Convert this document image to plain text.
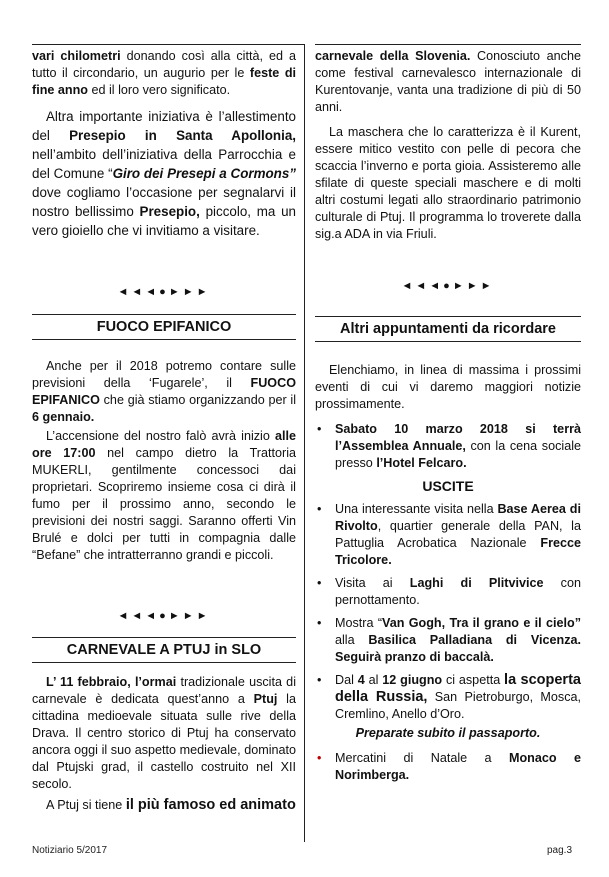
vari chilometri donando così alla città, ed a tutto il circondario, un augurio per le feste di fine anno ed il loro vero significato.

Altra importante iniziativa è l’allestimento del Presepio in Santa Apollonia, nell’ambito dell’iniziativa della Parrocchia e del Comune “Giro dei Presepi a Cormons” dove cogliamo l’occasione per segnalarvi il nostro bellissimo Presepio, piccolo, ma un vero gioiello che vi invitiamo a visitare.

◄◄◄●►►►
FUOCO EPIFANICO

Anche per il 2018 potremo contare sulle previsioni della ‘Fugarele’, il FUOCO EPIFANICO che già stiamo organizzando per il 6 gennaio.

L’accensione del nostro falò avrà inizio alle ore 17:00 nel campo dietro la Trattoria MUKERLI, gentilmente concessoci dai proprietari. Scopriremo insieme cosa ci dirà il fumo per il prossimo anno, secondo le previsioni dei nostri saggi. Saranno offerti Vin Brulé e dolci per tutti in compagnia dalle “Befane” che intratterranno grandi e piccoli.

◄◄◄●►►►
CARNEVALE A PTUJ in SLO

L’ 11 febbraio, l’ormai tradizionale uscita di carnevale è dedicata quest’anno a Ptuj la cittadina medioevale situata sulle rive della Drava. Il centro storico di Ptuj ha conservato ancora oggi il suo aspetto medievale, dominato dal Ptujski grad, il castello costruito nel XII secolo.

A Ptuj si tiene il più famoso ed animato

carnevale della Slovenia. Conosciuto anche come festival carnevalesco internazionale di Kurentovanje, vanta una tradizione di più di 50 anni.

La maschera che lo caratterizza è il Kurent, essere mitico vestito con pelle di pecora che scaccia l’inverno e porta gioia. Assisteremo alle sfilate di queste speciali maschere e di molti altri costumi legati allo straordinario patrimonio culturale di Ptuj. Il programma lo troverete dalla sig.a ADA in via Friuli.

◄◄◄●►►►
Altri appuntamenti da ricordare

Elenchiamo, in linea di massima i prossimi eventi di cui vi daremo maggiori notizie prossimamente.

• Sabato 10 marzo 2018 si terrà l’Assemblea Annuale, con la cena sociale presso l’Hotel Felcaro.

USCITE

• Una interessante visita nella Base Aerea di Rivolto, quartier generale della PAN, la Pattuglia Acrobatica Nazionale Frecce Tricolore.
• Visita ai Laghi di Plitvivice con pernottamento.
• Mostra “Van Gogh, Tra il grano e il cielo” alla Basilica Palladiana di Vicenza. Seguirà pranzo di baccalà.
• Dal 4 al 12 giugno ci aspetta la scoperta della Russia, San Pietroburgo, Mosca, Cremlino, Anello d’Oro.

Preparate subito il passaporto.

• Mercatini di Natale a Monaco e Norimberga.
Notiziario 5/2017	pag.3
